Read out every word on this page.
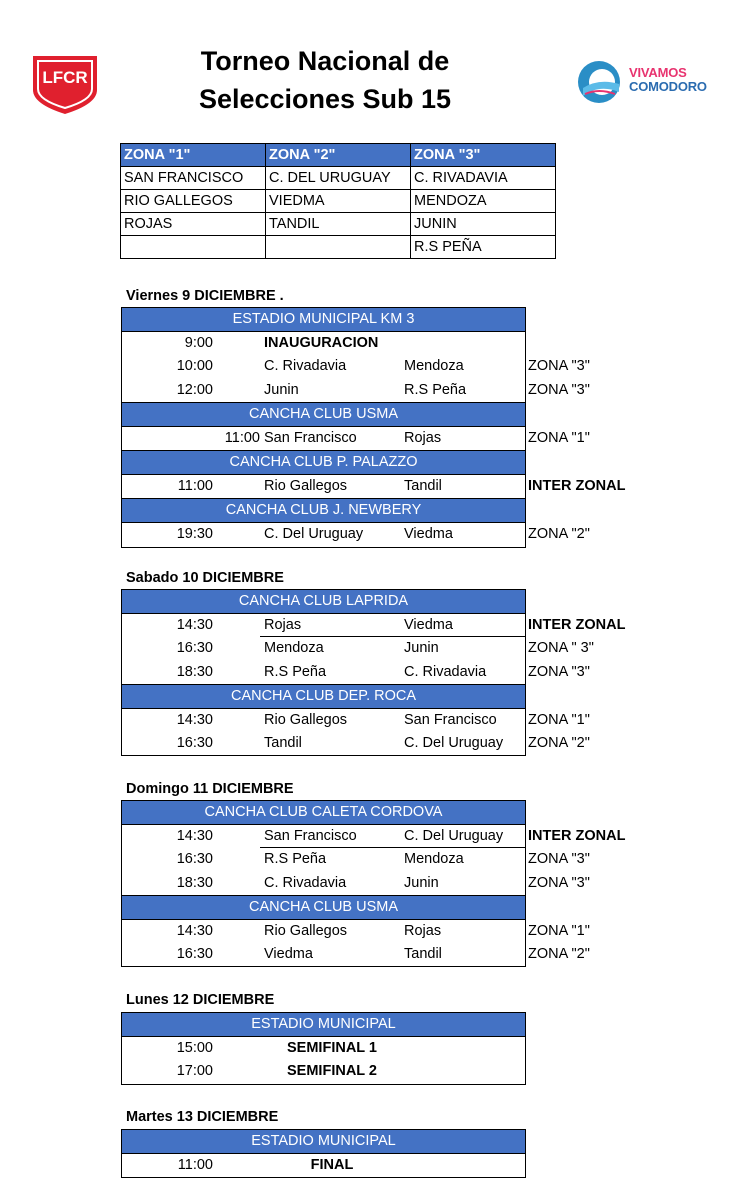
LFCR
Torneo Nacional de
Selecciones Sub 15
VIVAMOS
COMODORO
ZONA "1"	ZONA "2"	ZONA "3"
SAN FRANCISCO	C. DEL URUGUAY	C. RIVADAVIA
RIO GALLEGOS	VIEDMA	MENDOZA
ROJAS	TANDIL	JUNIN
		R.S PEÑA
Viernes 9 DICIEMBRE .
ESTADIO MUNICIPAL KM 3
9:00	INAUGURACION
10:00	C. Rivadavia	Mendoza	ZONA "3"
12:00	Junin	R.S Peña	ZONA "3"
CANCHA CLUB USMA
11:00 San Francisco	Rojas	ZONA "1"
CANCHA CLUB P. PALAZZO
11:00	Rio Gallegos	Tandil	INTER ZONAL
CANCHA CLUB J. NEWBERY
19:30	C. Del Uruguay	Viedma	ZONA "2"
Sabado 10 DICIEMBRE
CANCHA CLUB LAPRIDA
14:30	Rojas	Viedma	INTER ZONAL
16:30	Mendoza	Junin	ZONA " 3"
18:30	R.S Peña	C. Rivadavia	ZONA "3"
CANCHA CLUB DEP. ROCA
14:30	Rio Gallegos	San Francisco ZONA "1"
16:30	Tandil	C. Del Uruguay ZONA "2"
Domingo 11 DICIEMBRE
CANCHA CLUB CALETA CORDOVA
14:30	San Francisco	C. Del Uruguay INTER ZONAL
16:30	R.S Peña	Mendoza	ZONA "3"
18:30	C. Rivadavia	Junin	ZONA "3"
CANCHA CLUB USMA
14:30	Rio Gallegos	Rojas	ZONA "1"
16:30	Viedma	Tandil	ZONA "2"
Lunes 12 DICIEMBRE
ESTADIO MUNICIPAL
15:00	SEMIFINAL 1
17:00	SEMIFINAL 2
Martes 13 DICIEMBRE
ESTADIO MUNICIPAL
11:00	FINAL
